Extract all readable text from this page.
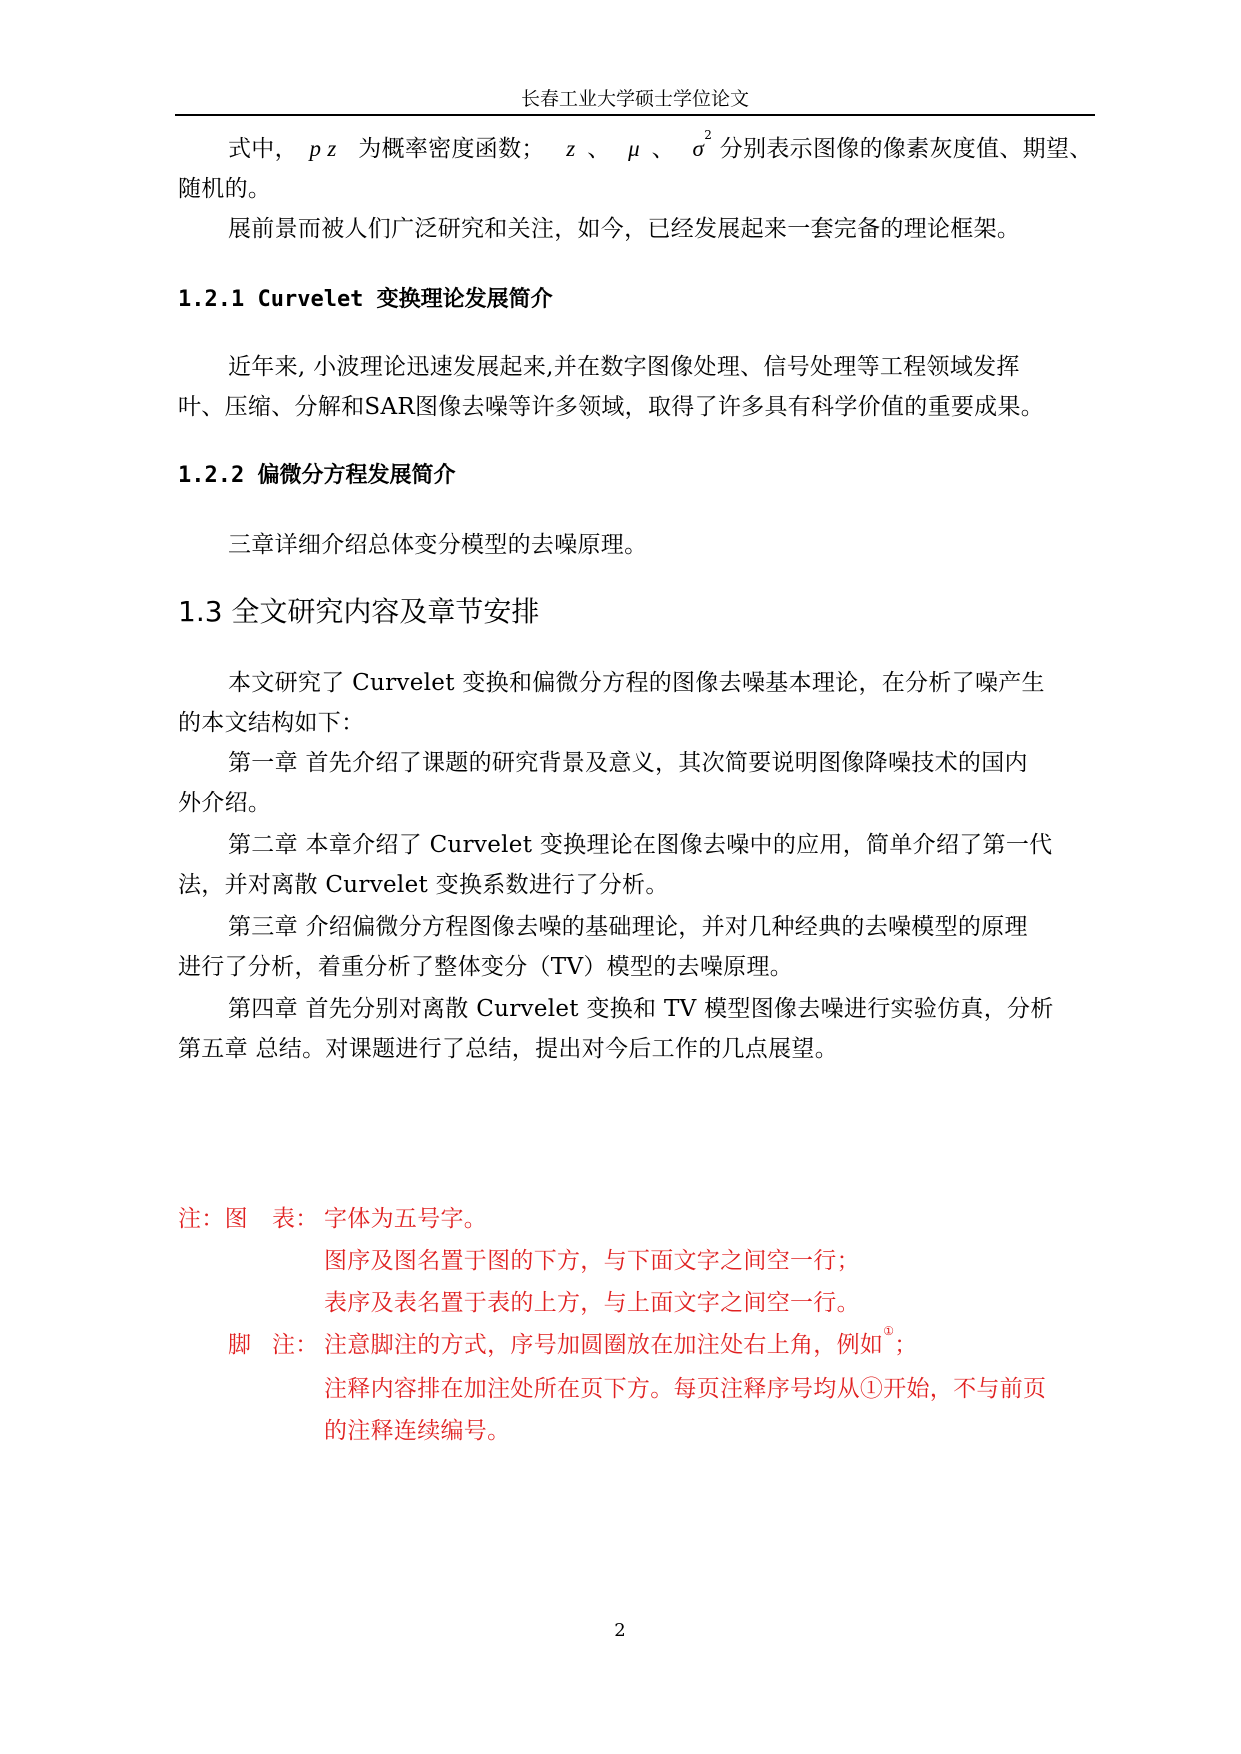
长春工业大学硕士学位论文
式中， p z 为概率密度函数； z 、 μ 、 $\sigma^2$ 分别表示图像的像素灰度值、期望、
随机的。
展前景而被人们广泛研究和关注，如今，已经发展起来一套完备的理论框架。
1.2.1 Curvelet 变换理论发展简介
近年来, 小波理论迅速发展起来,并在数字图像处理、信号处理等工程领域发挥
叶、压缩、分解和SAR图像去噪等许多领域，取得了许多具有科学价值的重要成果。
1.2.2 偏微分方程发展简介
三章详细介绍总体变分模型的去噪原理。
1.3 全文研究内容及章节安排
本文研究了 Curvelet 变换和偏微分方程的图像去噪基本理论，在分析了噪产生
的本文结构如下：
第一章 首先介绍了课题的研究背景及意义，其次简要说明图像降噪技术的国内
外介绍。
第二章 本章介绍了 Curvelet 变换理论在图像去噪中的应用，简单介绍了第一代
法，并对离散 Curvelet 变换系数进行了分析。
第三章 介绍偏微分方程图像去噪的基础理论，并对几种经典的去噪模型的原理
进行了分析，着重分析了整体变分（TV）模型的去噪原理。
第四章 首先分别对离散 Curvelet 变换和 TV 模型图像去噪进行实验仿真，分析
第五章 总结。对课题进行了总结，提出对今后工作的几点展望。
注：图 表： 字体为五号字。
图序及图名置于图的下方，与下面文字之间空一行；
表序及表名置于表的上方，与上面文字之间空一行。
脚 注： 注意脚注的方式，序号加圆圈放在加注处右上角，例如①；
注释内容排在加注处所在页下方。每页注释序号均从①开始，不与前页
的注释连续编号。
2
